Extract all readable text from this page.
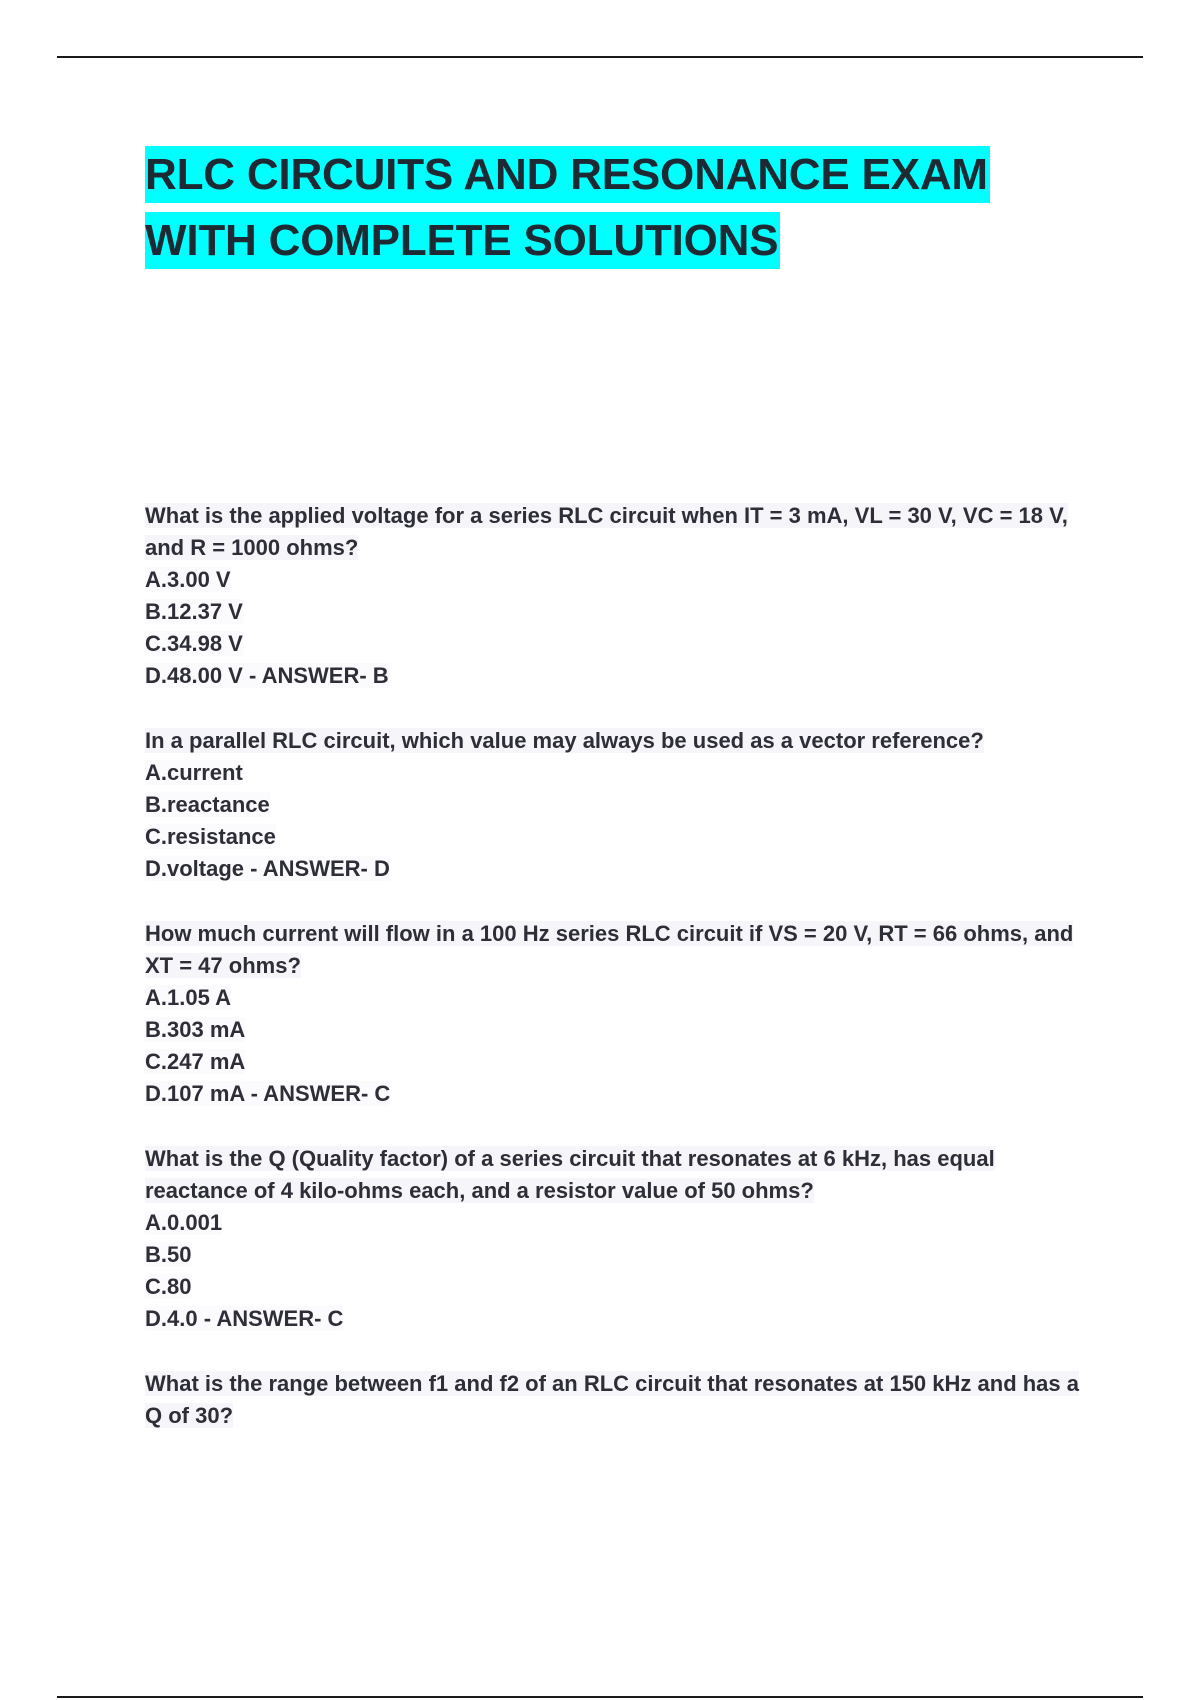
RLC CIRCUITS AND RESONANCE EXAM
WITH COMPLETE SOLUTIONS
What is the applied voltage for a series RLC circuit when IT = 3 mA, VL = 30 V, VC = 18 V, and R = 1000 ohms?
A.3.00 V
B.12.37 V
C.34.98 V
D.48.00 V - ANSWER- B
In a parallel RLC circuit, which value may always be used as a vector reference?
A.current
B.reactance
C.resistance
D.voltage - ANSWER- D
How much current will flow in a 100 Hz series RLC circuit if VS = 20 V, RT = 66 ohms, and XT = 47 ohms?
A.1.05 A
B.303 mA
C.247 mA
D.107 mA - ANSWER- C
What is the Q (Quality factor) of a series circuit that resonates at 6 kHz, has equal reactance of 4 kilo-ohms each, and a resistor value of 50 ohms?
A.0.001
B.50
C.80
D.4.0 - ANSWER- C
What is the range between f1 and f2 of an RLC circuit that resonates at 150 kHz and has a Q of 30?
